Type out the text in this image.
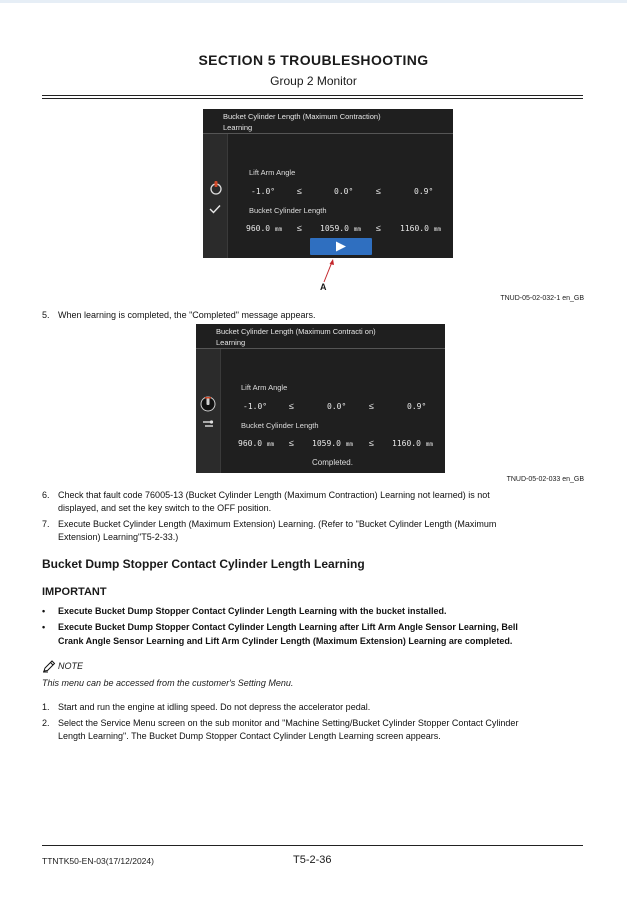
SECTION 5 TROUBLESHOOTING
Group 2 Monitor
Bucket Cylinder Length (Maximum Contraction)
Learning
Lift Arm Angle
-1.0° ≤	0.0°	≤	0.9°
Bucket Cylinder Length
960.0 mm ≤ 1059.0 mm ≤ 1160.0 mm
A
TNUD-05-02-032-1 en_GB
5. When learning is completed, the "Completed" message appears.
Bucket Cylinder Length (Maximum Contracti on)
Learning
Lift Arm Angle
-1.0° ≤	0.0°	≤	0.9°
Bucket Cylinder Length
960.0 mm ≤ 1059.0 mm ≤ 1160.0 mm
Completed.
TNUD-05-02-033 en_GB
6. Check that fault code 76005-13 (Bucket Cylinder Length (Maximum Contraction) Learning not learned) is not
displayed, and set the key switch to the OFF position.
7. Execute Bucket Cylinder Length (Maximum Extension) Learning. (Refer to "Bucket Cylinder Length (Maximum
Extension) Learning"T5-2-33.)
Bucket Dump Stopper Contact Cylinder Length Learning
IMPORTANT
• Execute Bucket Dump Stopper Contact Cylinder Length Learning with the bucket installed.
• Execute Bucket Dump Stopper Contact Cylinder Length Learning after Lift Arm Angle Sensor Learning, Bell
Crank Angle Sensor Learning and Lift Arm Cylinder Length (Maximum Extension) Learning are completed.
NOTE
This menu can be accessed from the customer's Setting Menu.
1. Start and run the engine at idling speed. Do not depress the accelerator pedal.
2. Select the Service Menu screen on the sub monitor and "Machine Setting/Bucket Cylinder Stopper Contact Cylinder
Length Learning". The Bucket Dump Stopper Contact Cylinder Length Learning screen appears.
TTNTK50-EN-03(17/12/2024)	T5-2-36
